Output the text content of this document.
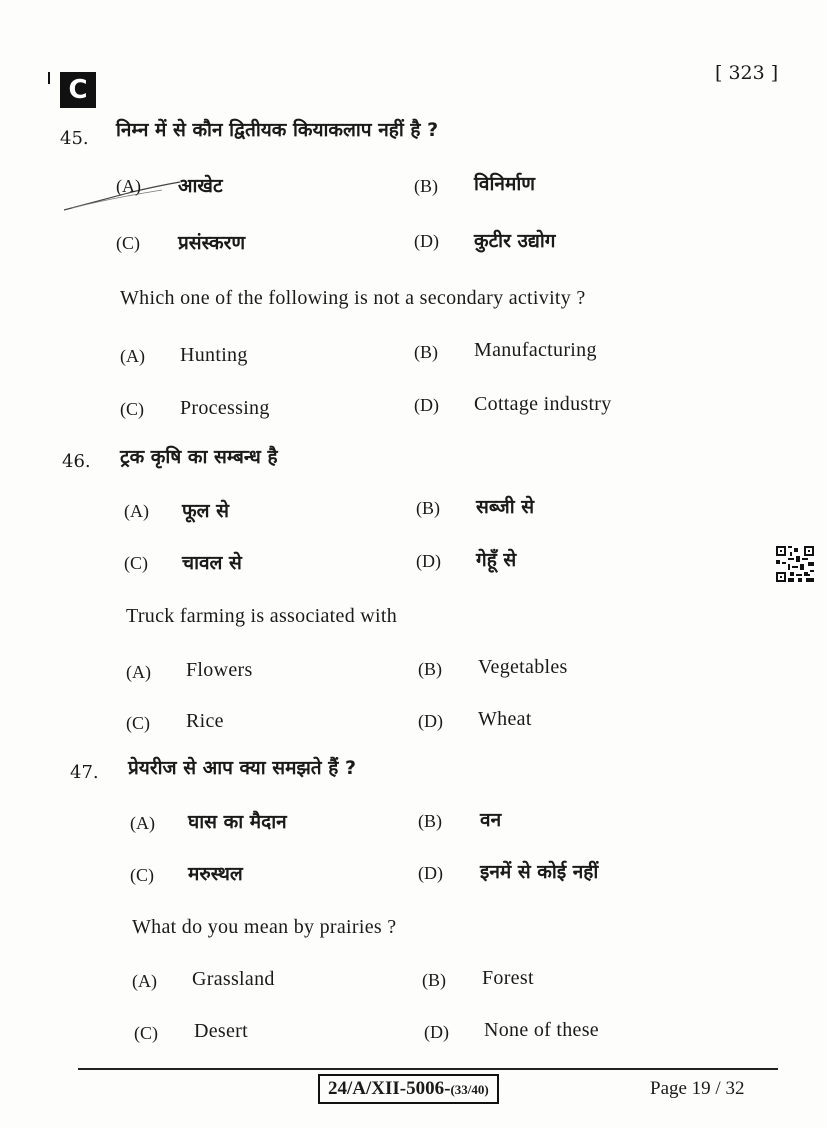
C
[ 323 ]
45. निम्न में से कौन द्वितीयक कियाकलाप नहीं है ?
(A) आखेट	(B) विनिर्माण
(C) प्रसंस्करण	(D) कुटीर उद्योग
Which one of the following is not a secondary activity ?
(A) Hunting	(B) Manufacturing
(C) Processing	(D) Cottage industry
46. ट्रक कृषि का सम्बन्ध है
(A) फूल से	(B) सब्जी से
(C) चावल से	(D) गेहूँ से
Truck farming is associated with
(A) Flowers	(B) Vegetables
(C) Rice	(D) Wheat
47. प्रेयरीज से आप क्या समझते हैं ?
(A) घास का मैदान	(B) वन
(C) मरुस्थल	(D) इनमें से कोई नहीं
What do you mean by prairies ?
(A) Grassland	(B) Forest
(C) Desert	(D) None of these
24/A/XII-5006-(33/40)	Page 19 / 32
